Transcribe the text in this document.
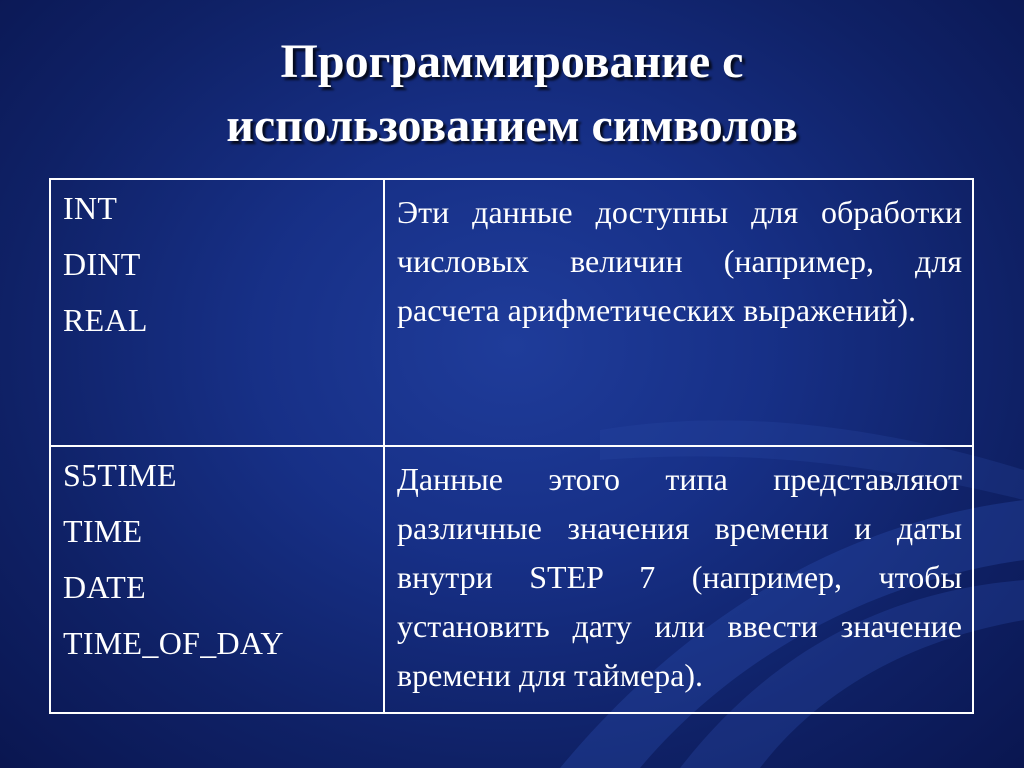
Программирование с
использованием символов
INT
DINT
REAL	Эти данные доступны для обработки числовых величин (например, для расчета арифметических выражений).

S5TIME
TIME
DATE
TIME_OF_DAY	Данные этого типа представляют различные значения времени и даты внутри STEP 7 (например, чтобы установить дату или ввести значение времени для таймера).
